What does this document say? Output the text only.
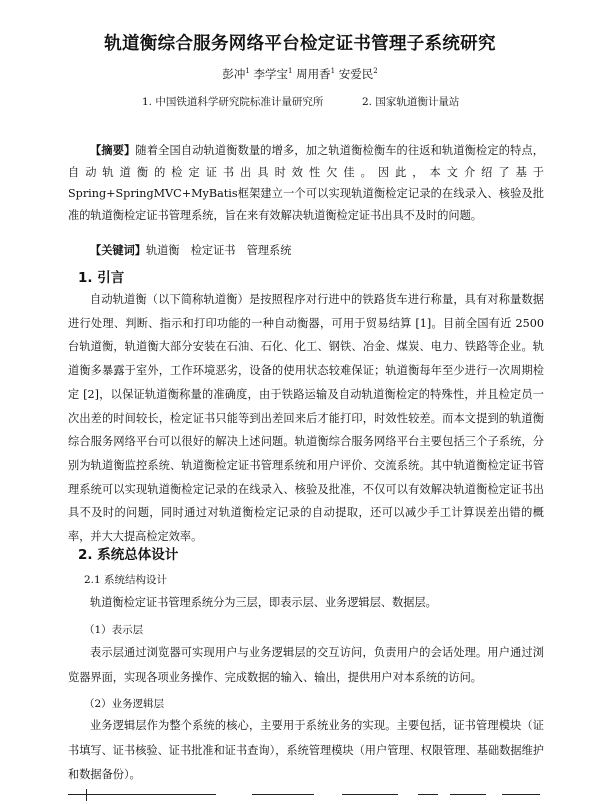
轨道衡综合服务网络平台检定证书管理子系统研究
彭冲$^1$ 李学宝$^1$ 周用香$^1$ 安爱民$^2$
1. 中国铁道科学研究院标准计量研究所	2. 国家轨道衡计量站
【摘要】随着全国自动轨道衡数量的增多，加之轨道衡检衡车的往返和轨道衡检定的特点，自动轨道衡的检定证书出具时效性欠佳。因此，本文介绍了基于Spring+SpringMVC+MyBatis框架建立一个可以实现轨道衡检定记录的在线录入、核验及批准的轨道衡检定证书管理系统，旨在来有效解决轨道衡检定证书出具不及时的问题。
【关键词】轨道衡　检定证书　管理系统
1. 引言
自动轨道衡（以下简称轨道衡）是按照程序对行进中的铁路货车进行称量，具有对称量数据进行处理、判断、指示和打印功能的一种自动衡器，可用于贸易结算 [1]。目前全国有近 2500 台轨道衡，轨道衡大部分安装在石油、石化、化工、钢铁、冶金、煤炭、电力、铁路等企业。轨道衡多暴露于室外，工作环境恶劣，设备的使用状态较难保证；轨道衡每年至少进行一次周期检定 [2]，以保证轨道衡称量的准确度，由于铁路运输及自动轨道衡检定的特殊性，并且检定员一次出差的时间较长，检定证书只能等到出差回来后才能打印，时效性较差。而本文提到的轨道衡综合服务网络平台可以很好的解决上述问题。轨道衡综合服务网络平台主要包括三个子系统，分别为轨道衡监控系统、轨道衡检定证书管理系统和用户评价、交流系统。其中轨道衡检定证书管理系统可以实现轨道衡检定记录的在线录入、核验及批准，不仅可以有效解决轨道衡检定证书出具不及时的问题，同时通过对轨道衡检定记录的自动提取，还可以减少手工计算误差出错的概率，并大大提高检定效率。
2. 系统总体设计
2.1 系统结构设计
轨道衡检定证书管理系统分为三层，即表示层、业务逻辑层、数据层。
（1）表示层
表示层通过浏览器可实现用户与业务逻辑层的交互访问，负责用户的会话处理。用户通过浏览器界面，实现各项业务操作、完成数据的输入、输出，提供用户对本系统的访问。
（2）业务逻辑层
业务逻辑层作为整个系统的核心，主要用于系统业务的实现。主要包括，证书管理模块（证书填写、证书核验、证书批准和证书查询），系统管理模块（用户管理、权限管理、基础数据维护和数据备份）。
